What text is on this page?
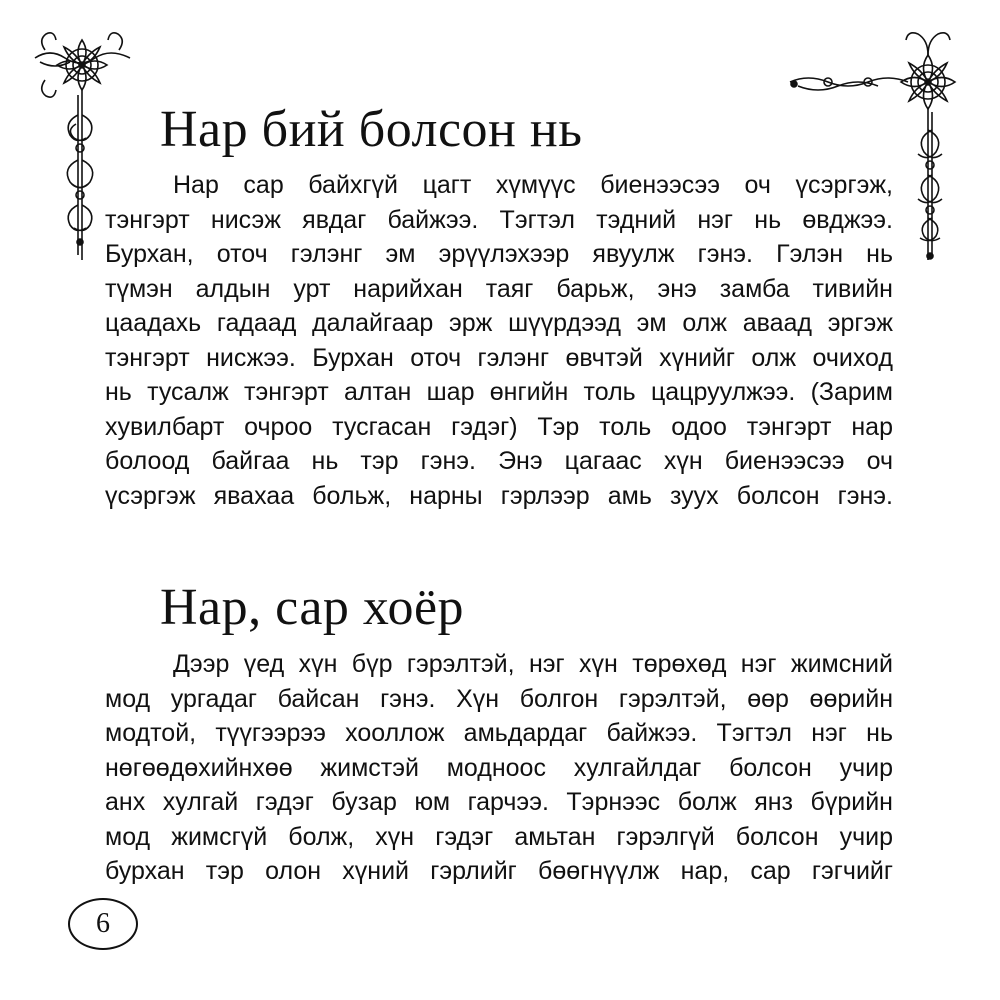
Нар бий болсон нь
Нар сар байхгүй цагт хүмүүс биенээсээ оч үсэргэж,
тэнгэрт нисэж явдаг байжээ. Тэгтэл тэдний нэг нь өвджээ.
Бурхан, оточ гэлэнг эм эрүүлэхээр явуулж гэнэ. Гэлэн нь
түмэн алдын урт нарийхан таяг барьж, энэ замба тивийн
цаадахь гадаад далайгаар эрж шүүрдээд эм олж аваад эргэж
тэнгэрт нисжээ. Бурхан оточ гэлэнг өвчтэй хүнийг олж очиход
нь тусалж тэнгэрт алтан шар өнгийн толь цацруулжээ. (Зарим
хувилбарт очроо тусгасан гэдэг) Тэр толь одоо тэнгэрт нар
болоод байгаа нь тэр гэнэ. Энэ цагаас хүн биенээсээ оч
үсэргэж явахаа больж, нарны гэрлээр амь зуух болсон гэнэ.
Нар, сар хоёр
Дээр үед хүн бүр гэрэлтэй, нэг хүн төрөхөд нэг жимсний
мод ургадаг байсан гэнэ. Хүн болгон гэрэлтэй, өөр өөрийн
модтой, түүгээрээ хооллож амьдардаг байжээ. Тэгтэл нэг нь
нөгөөдөхийнхөө жимстэй модноос хулгайлдаг болсон учир
анх хулгай гэдэг бузар юм гарчээ. Тэрнээс болж янз бүрийн
мод жимсгүй болж, хүн гэдэг амьтан гэрэлгүй болсон учир
бурхан тэр олон хүний гэрлийг бөөгнүүлж нар, сар гэгчийг
6
